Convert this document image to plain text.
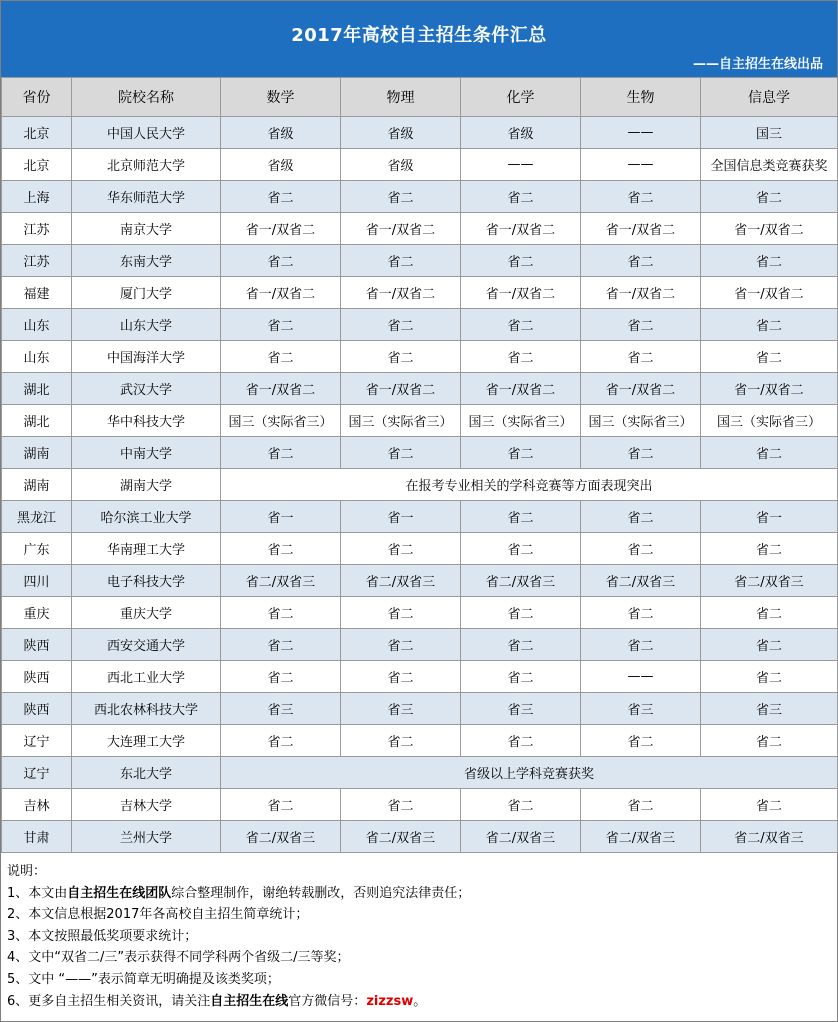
2017年高校自主招生条件汇总
——自主招生在线出品
省份	院校名称	数学	物理	化学	生物	信息学
北京	中国人民大学	省级	省级	省级	——	国三
北京	北京师范大学	省级	省级	——	——	全国信息类竞赛获奖
上海	华东师范大学	省二	省二	省二	省二	省二
江苏	南京大学	省一/双省二	省一/双省二	省一/双省二	省一/双省二	省一/双省二
江苏	东南大学	省二	省二	省二	省二	省二
福建	厦门大学	省一/双省二	省一/双省二	省一/双省二	省一/双省二	省一/双省二
山东	山东大学	省二	省二	省二	省二	省二
山东	中国海洋大学	省二	省二	省二	省二	省二
湖北	武汉大学	省一/双省二	省一/双省二	省一/双省二	省一/双省二	省一/双省二
湖北	华中科技大学	国三（实际省三）	国三（实际省三）	国三（实际省三）	国三（实际省三）	国三（实际省三）
湖南	中南大学	省二	省二	省二	省二	省二
湖南	湖南大学	在报考专业相关的学科竞赛等方面表现突出				
黑龙江	哈尔滨工业大学	省一	省一	省二	省二	省一
广东	华南理工大学	省二	省二	省二	省二	省二
四川	电子科技大学	省二/双省三	省二/双省三	省二/双省三	省二/双省三	省二/双省三
重庆	重庆大学	省二	省二	省二	省二	省二
陕西	西安交通大学	省二	省二	省二	省二	省二
陕西	西北工业大学	省二	省二	省二	——	省二
陕西	西北农林科技大学	省三	省三	省三	省三	省三
辽宁	大连理工大学	省二	省二	省二	省二	省二
辽宁	东北大学	省级以上学科竞赛获奖				
吉林	吉林大学	省二	省二	省二	省二	省二
甘肃	兰州大学	省二/双省三	省二/双省三	省二/双省三	省二/双省三	省二/双省三
说明：
1、本文由自主招生在线团队综合整理制作，谢绝转载删改，否则追究法律责任；
2、本文信息根据2017年各高校自主招生简章统计；
3、本文按照最低奖项要求统计；
4、文中“双省二/三”表示获得不同学科两个省级二/三等奖；
5、文中 “——”表示简章无明确提及该类奖项；
6、更多自主招生相关资讯，请关注自主招生在线官方微信号：zizzsw。
